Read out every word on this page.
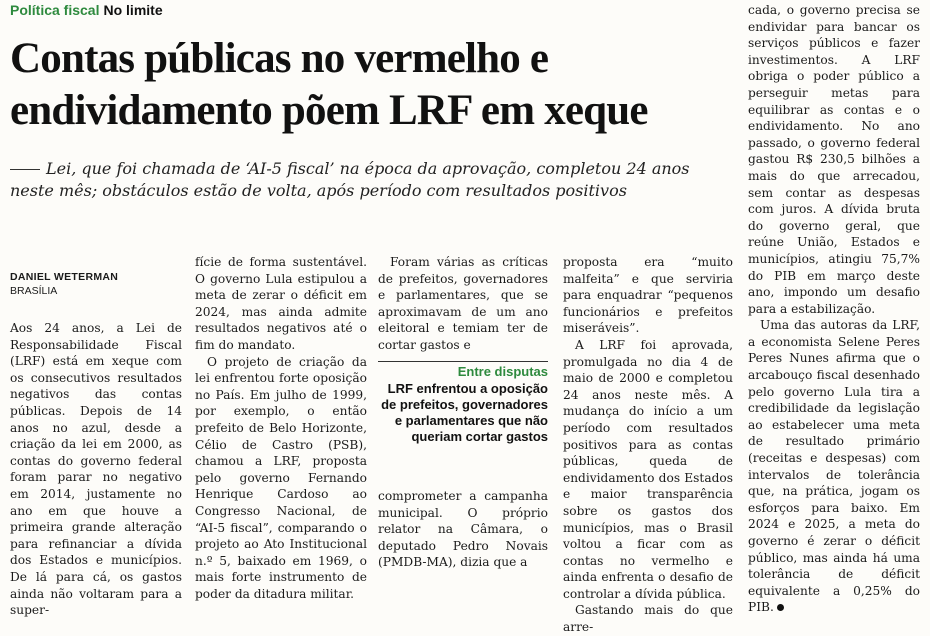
Política fiscal No limite
Contas públicas no vermelho e
endividamento põem LRF em xeque
Lei, que foi chamada de ‘AI-5 fiscal’ na época da aprovação, completou 24 anos neste mês; obstáculos estão de volta, após período com resultados positivos
DANIEL WETERMAN
BRASÍLIA

Aos 24 anos, a Lei de Responsabilidade Fiscal (LRF) está em xeque com os consecutivos resultados negativos das contas públicas. Depois de 14 anos no azul, desde a criação da lei em 2000, as contas do governo federal foram parar no negativo em 2014, justamente no ano em que houve a primeira grande alteração para refinanciar a dívida dos Estados e municípios. De lá para cá, os gastos ainda não voltaram para a super-

fície de forma sustentável. O governo Lula estipulou a meta de zerar o déficit em 2024, mas ainda admite resultados negativos até o fim do mandato.

O projeto de criação da lei enfrentou forte oposição no País. Em julho de 1999, por exemplo, o então prefeito de Belo Horizonte, Célio de Castro (PSB), chamou a LRF, proposta pelo governo Fernando Henrique Cardoso ao Congresso Nacional, de “AI-5 fiscal”, comparando o projeto ao Ato Institucional n.º 5, baixado em 1969, o mais forte instrumento de poder da ditadura militar.

Foram várias as críticas de prefeitos, governadores e parlamentares, que se aproximavam de um ano eleitoral e temiam ter de cortar gastos e

Entre disputas
LRF enfrentou a oposição de prefeitos, governadores e parlamentares que não queriam cortar gastos

comprometer a campanha municipal. O próprio relator na Câmara, o deputado Pedro Novais (PMDB-MA), dizia que a

proposta era “muito malfeita” e que serviria para enquadrar “pequenos funcionários e prefeitos miseráveis”.

A LRF foi aprovada, promulgada no dia 4 de maio de 2000 e completou 24 anos neste mês. A mudança do início a um período com resultados positivos para as contas públicas, queda de endividamento dos Estados e maior transparência sobre os gastos dos municípios, mas o Brasil voltou a ficar com as contas no vermelho e ainda enfrenta o desafio de controlar a dívida pública.

Gastando mais do que arre-

cada, o governo precisa se endividar para bancar os serviços públicos e fazer investimentos. A LRF obriga o poder público a perseguir metas para equilibrar as contas e o endividamento. No ano passado, o governo federal gastou R$ 230,5 bilhões a mais do que arrecadou, sem contar as despesas com juros. A dívida bruta do governo geral, que reúne União, Estados e municípios, atingiu 75,7% do PIB em março deste ano, impondo um desafio para a estabilização.

Uma das autoras da LRF, a economista Selene Peres Peres Nunes afirma que o arcabouço fiscal desenhado pelo governo Lula tira a credibilidade da legislação ao estabelecer uma meta de resultado primário (receitas e despesas) com intervalos de tolerância que, na prática, jogam os esforços para baixo. Em 2024 e 2025, a meta do governo é zerar o déficit público, mas ainda há uma tolerância de déficit equivalente a 0,25% do PIB.
